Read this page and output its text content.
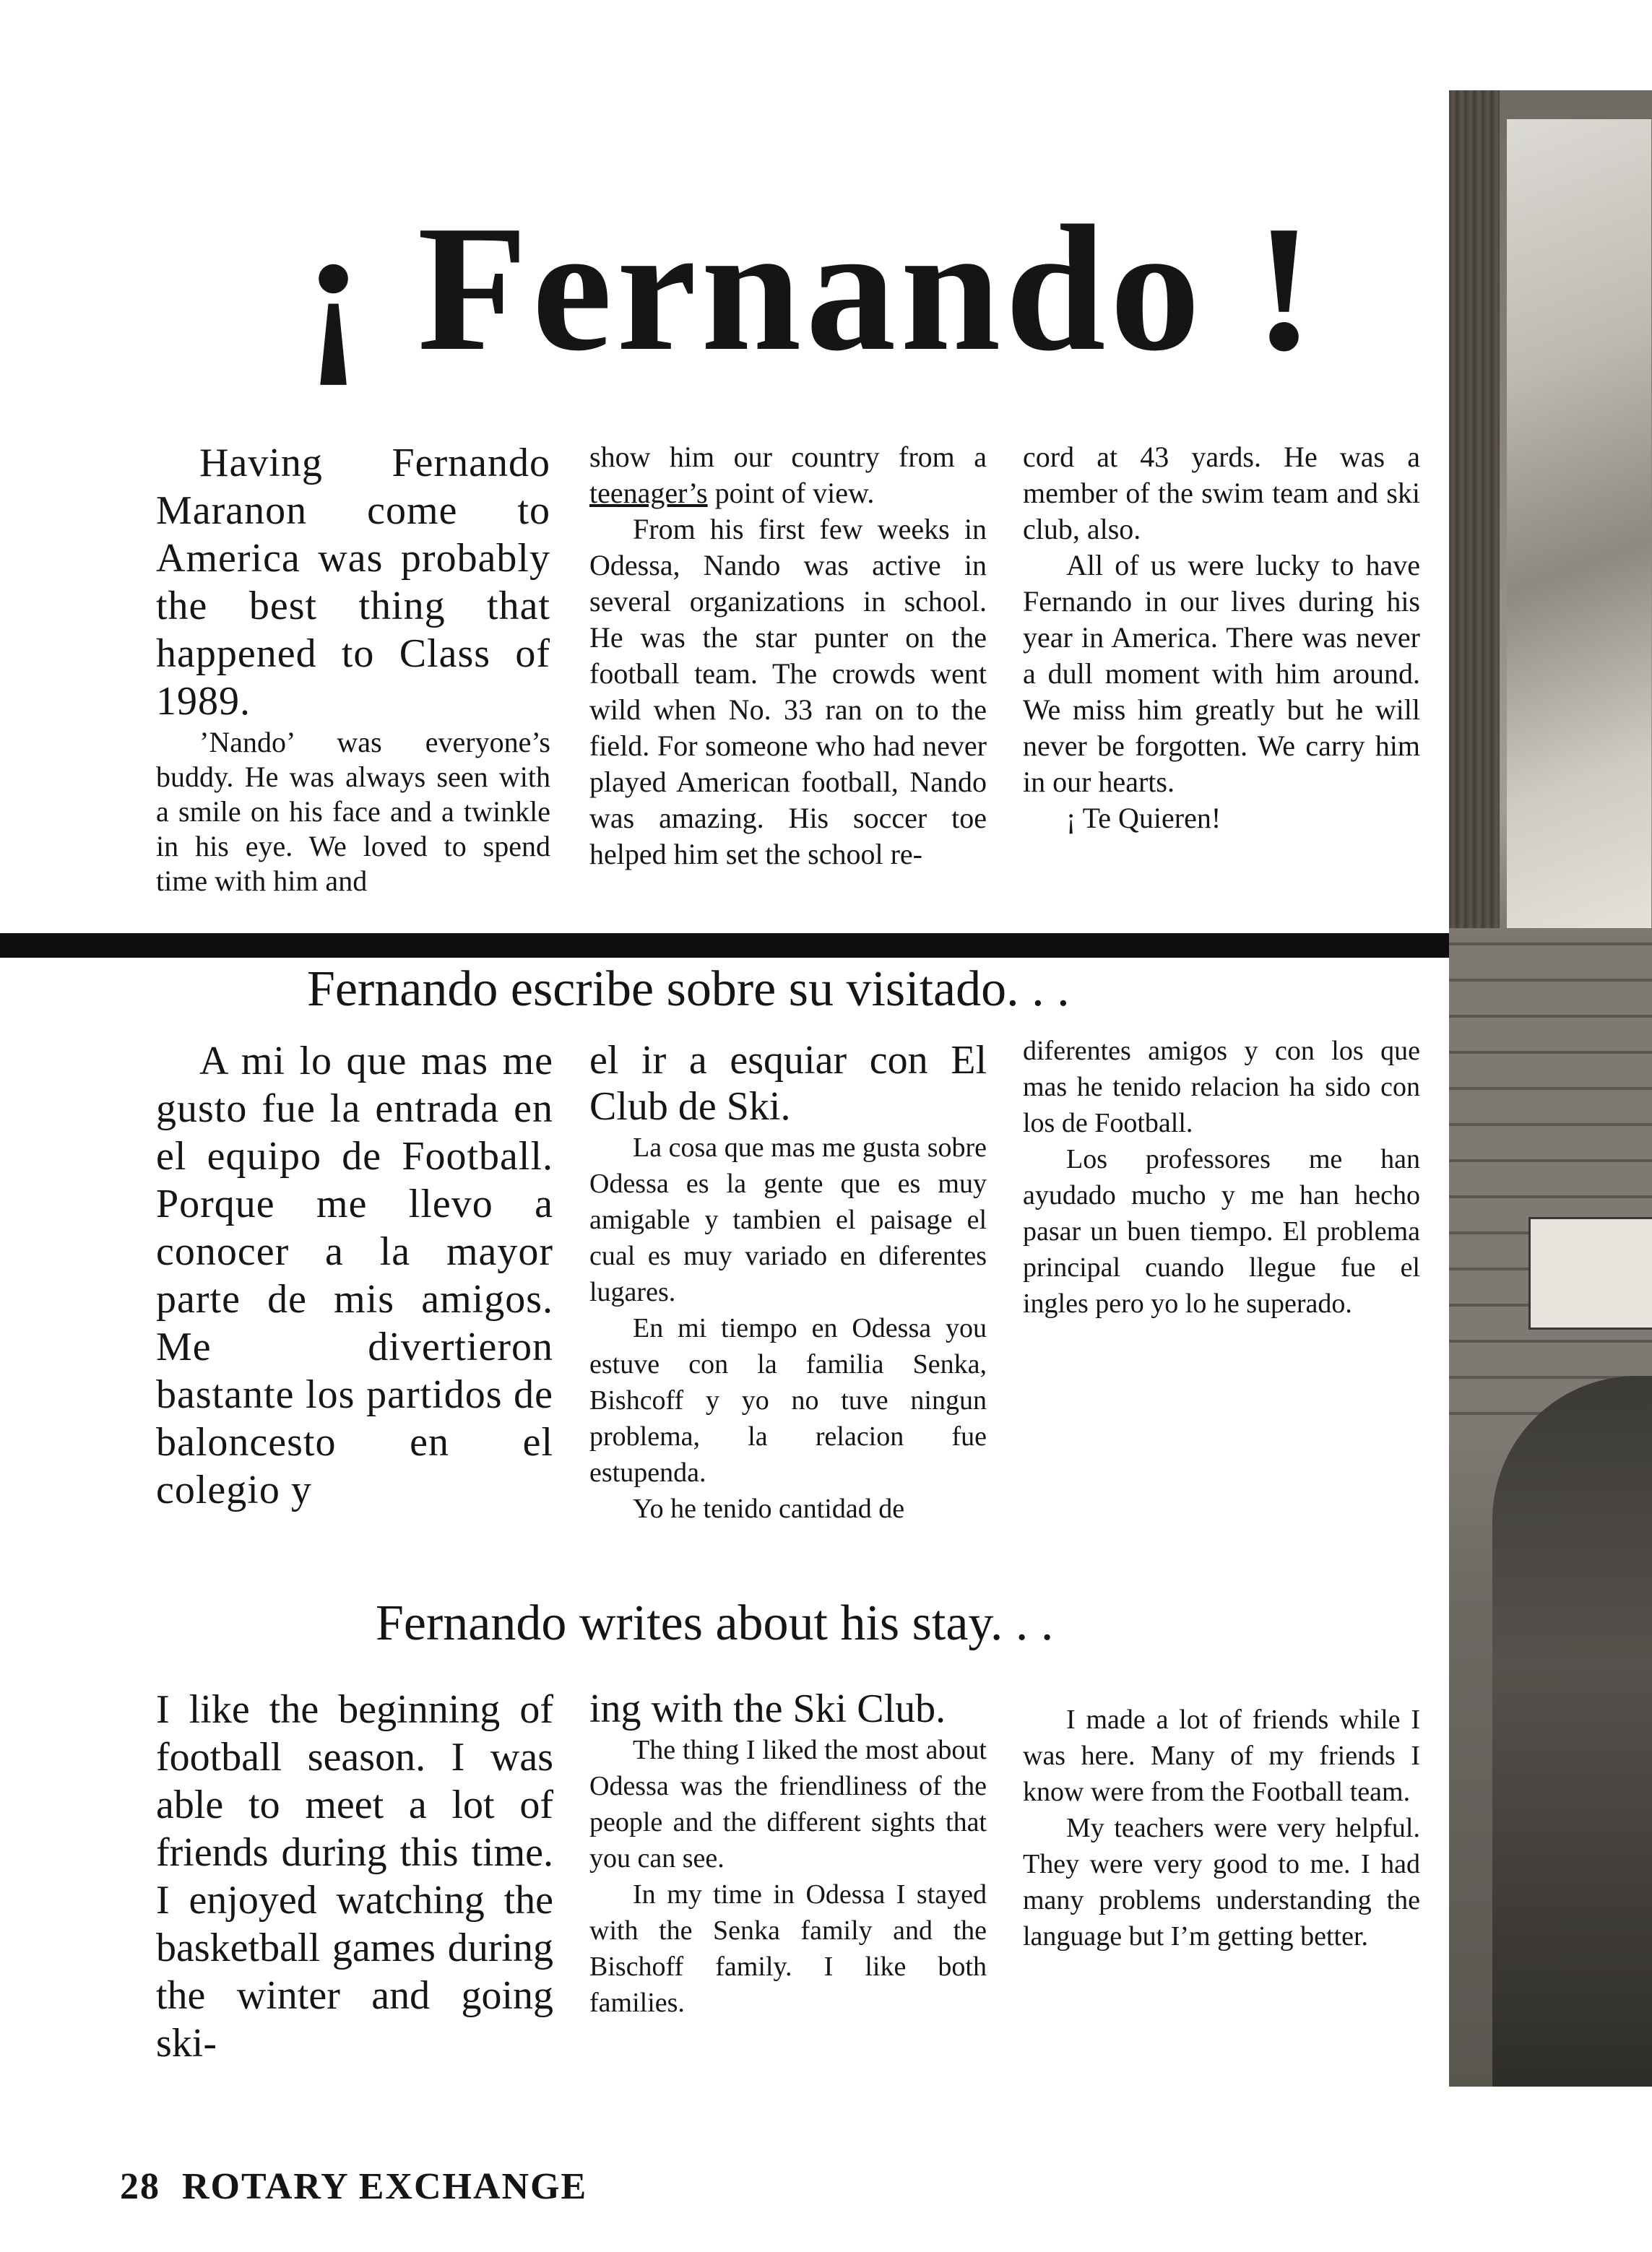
¡ Fernando !

Having Fernando Maranon come to America was probably the best thing that happened to Class of 1989.

’Nando’ was everyone’s buddy. He was always seen with a smile on his face and a twinkle in his eye. We loved to spend time with him and

show him our country from a teenager’s point of view.

From his first few weeks in Odessa, Nando was active in several organizations in school. He was the star punter on the football team. The crowds went wild when No. 33 ran on to the field. For someone who had never played American football, Nando was amazing. His soccer toe helped him set the school re-

cord at 43 yards. He was a member of the swim team and ski club, also.

All of us were lucky to have Fernando in our lives during his year in America. There was never a dull moment with him around. We miss him greatly but he will never be forgotten. We carry him in our hearts.

¡ Te Quieren!

Fernando escribe sobre su visitado. . .

A mi lo que mas me gusto fue la entrada en el equipo de Football. Porque me llevo a conocer a la mayor parte de mis amigos. Me divertieron bastante los partidos de baloncesto en el colegio y

el ir a esquiar con El Club de Ski.

La cosa que mas me gusta sobre Odessa es la gente que es muy amigable y tambien el paisage el cual es muy variado en diferentes lugares.

En mi tiempo en Odessa you estuve con la familia Senka, Bishcoff y yo no tuve ningun problema, la relacion fue estupenda.

Yo he tenido cantidad de

diferentes amigos y con los que mas he tenido relacion ha sido con los de Football.

Los professores me han ayudado mucho y me han hecho pasar un buen tiempo. El problema principal cuando llegue fue el ingles pero yo lo he superado.

Fernando writes about his stay. . .

I like the beginning of football season. I was able to meet a lot of friends during this time. I enjoyed watching the basketball games during the winter and going ski-

ing with the Ski Club.

The thing I liked the most about Odessa was the friendliness of the people and the different sights that you can see.

In my time in Odessa I stayed with the Senka family and the Bischoff family. I like both families.

I made a lot of friends while I was here. Many of my friends I know were from the Football team.

My teachers were very helpful. They were very good to me. I had many problems understanding the language but I’m getting better.

28 ROTARY EXCHANGE
